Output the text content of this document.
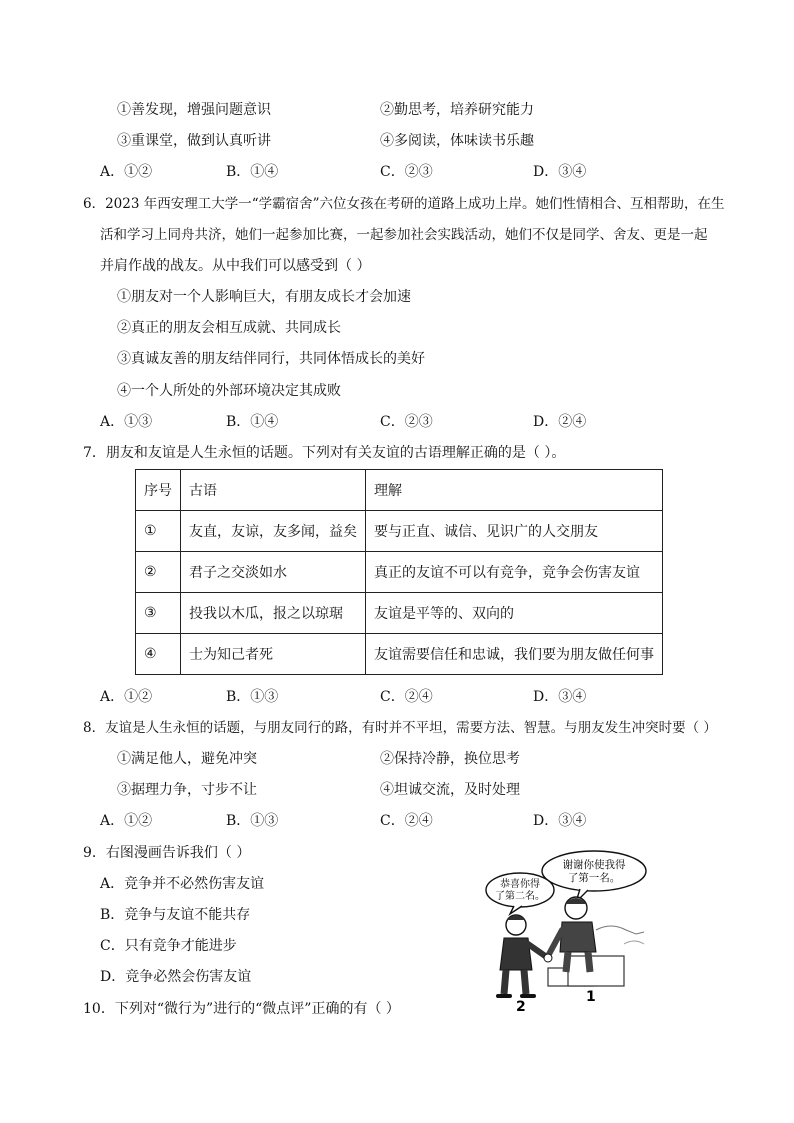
①善发现，增强问题意识	②勤思考，培养研究能力
③重课堂，做到认真听讲	④多阅读，体味读书乐趣
A．①②	B．①④	C．②③	D．③④
6．2023 年西安理工大学一“学霸宿舍”六位女孩在考研的道路上成功上岸。她们性情相合、互相帮助，在生
活和学习上同舟共济，她们一起参加比赛，一起参加社会实践活动，她们不仅是同学、舍友、更是一起
并肩作战的战友。从中我们可以感受到（ ）
①朋友对一个人影响巨大，有朋友成长才会加速
②真正的朋友会相互成就、共同成长
③真诚友善的朋友结伴同行，共同体悟成长的美好
④一个人所处的外部环境决定其成败
A．①③	B．①④	C．②③	D．②④
7．朋友和友谊是人生永恒的话题。下列对有关友谊的古语理解正确的是（ ）。
序号	古语	理解
①	友直，友谅，友多闻，益矣	要与正直、诚信、见识广的人交朋友
②	君子之交淡如水	真正的友谊不可以有竞争，竞争会伤害友谊
③	投我以木瓜，报之以琼琚	友谊是平等的、双向的
④	士为知己者死	友谊需要信任和忠诚，我们要为朋友做任何事
A．①②	B．①③	C．②④	D．③④
8．友谊是人生永恒的话题，与朋友同行的路，有时并不平坦，需要方法、智慧。与朋友发生冲突时要（ ）
①满足他人，避免冲突	②保持冷静，换位思考
③据理力争，寸步不让	④坦诚交流，及时处理
A．①②	B．①③	C．②④	D．③④
9．右图漫画告诉我们（ ）
A．竞争并不必然伤害友谊
B．竞争与友谊不能共存
C．只有竞争才能进步
D．竞争必然会伤害友谊
谢谢你使我得
了第一名。
恭喜你得
了第二名。
2
1
10．下列对“微行为”进行的“微点评”正确的有（ ）
